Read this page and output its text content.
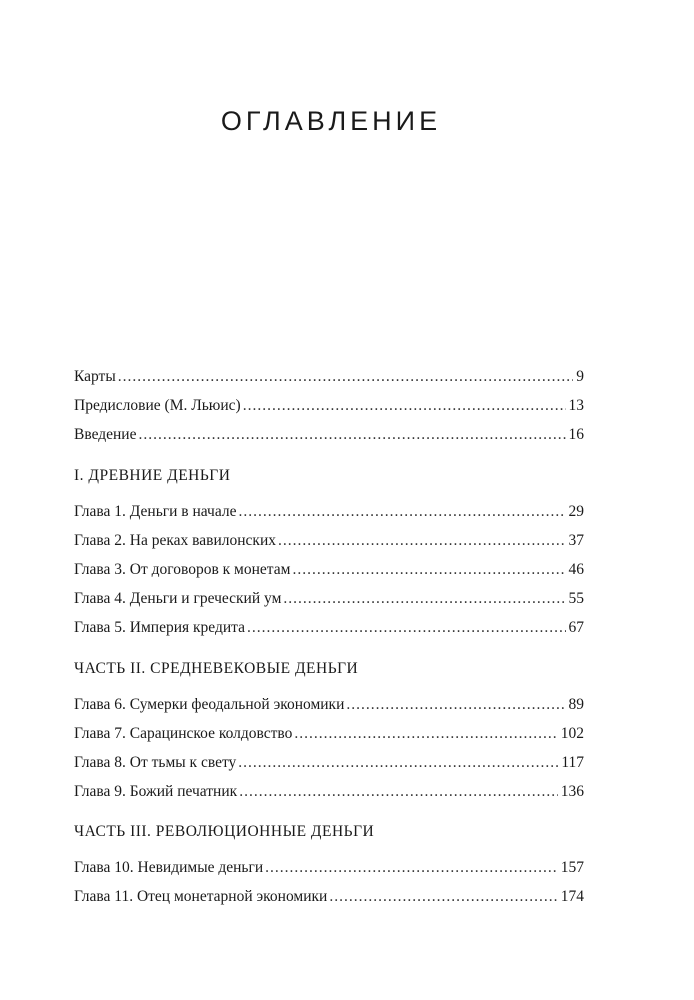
ОГЛАВЛЕНИЕ
Карты .....	9
Предисловие (М. Льюис) .....	13
Введение .....	16
I. ДРЕВНИЕ ДЕНЬГИ
Глава 1. Деньги в начале .....	29
Глава 2. На реках вавилонских .....	37
Глава 3. От договоров к монетам .....	46
Глава 4. Деньги и греческий ум .....	55
Глава 5. Империя кредита .....	67
ЧАСТЬ II. СРЕДНЕВЕКОВЫЕ ДЕНЬГИ
Глава 6. Сумерки феодальной экономики .....	89
Глава 7. Сарацинское колдовство .....	102
Глава 8. От тьмы к свету .....	117
Глава 9. Божий печатник .....	136
ЧАСТЬ III. РЕВОЛЮЦИОННЫЕ ДЕНЬГИ
Глава 10. Невидимые деньги .....	157
Глава 11. Отец монетарной экономики .....	174
